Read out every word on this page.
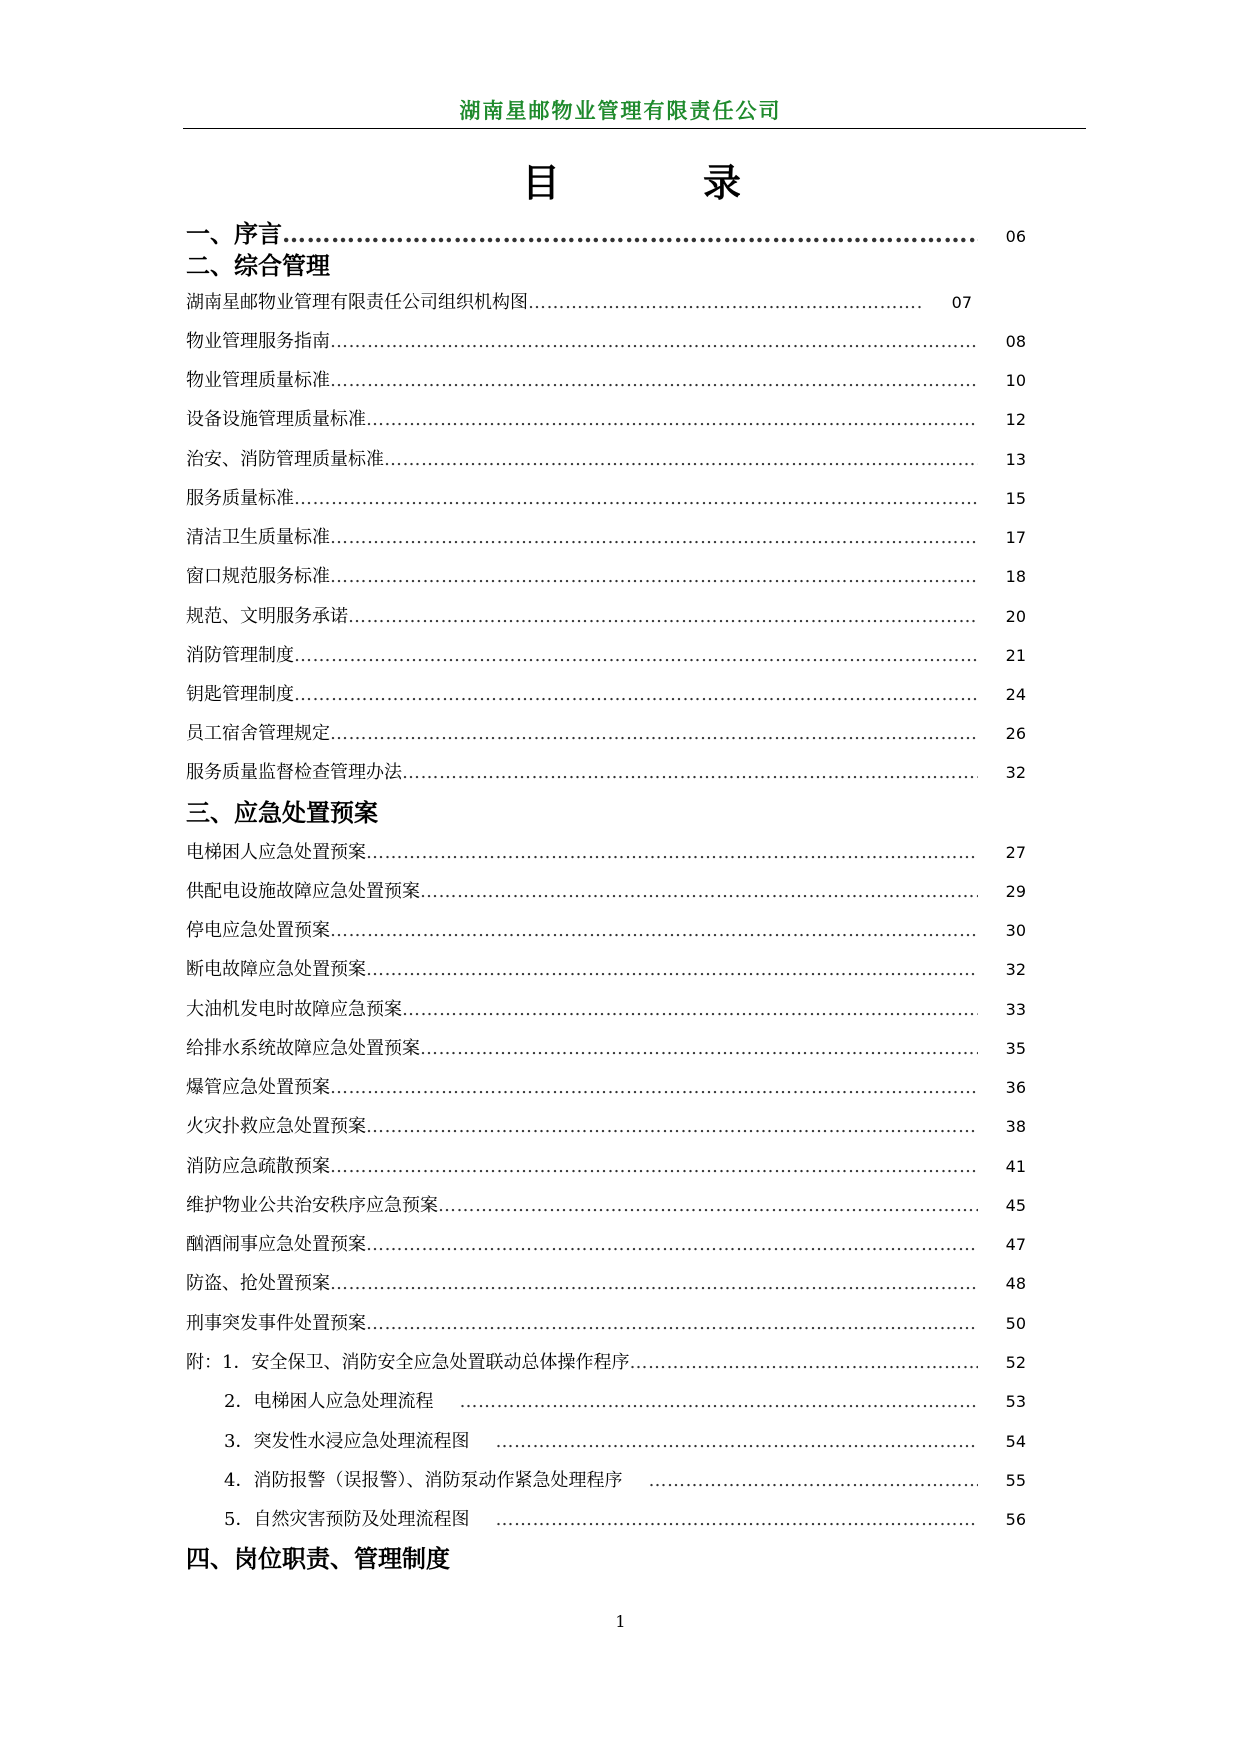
湖南星邮物业管理有限责任公司
目	录
一、序言 ………………………………………………………………………………………………………………………………………………………………………………………………………………………………	06
二、综合管理
湖南星邮物业管理有限责任公司组织机构图 ………………………………………………………………………………………………………………………………………………………………………………………………………………………………	07
物业管理服务指南 ………………………………………………………………………………………………………………………………………………………………………………………………………………………………	08
物业管理质量标准 ………………………………………………………………………………………………………………………………………………………………………………………………………………………………	10
设备设施管理质量标准 ………………………………………………………………………………………………………………………………………………………………………………………………………………………………	12
治安、消防管理质量标准 ………………………………………………………………………………………………………………………………………………………………………………………………………………………………	13
服务质量标准 ………………………………………………………………………………………………………………………………………………………………………………………………………………………………	15
清洁卫生质量标准 ………………………………………………………………………………………………………………………………………………………………………………………………………………………………	17
窗口规范服务标准 ………………………………………………………………………………………………………………………………………………………………………………………………………………………………	18
规范、文明服务承诺 ………………………………………………………………………………………………………………………………………………………………………………………………………………………………	20
消防管理制度 ………………………………………………………………………………………………………………………………………………………………………………………………………………………………	21
钥匙管理制度 ………………………………………………………………………………………………………………………………………………………………………………………………………………………………	24
员工宿舍管理规定 ………………………………………………………………………………………………………………………………………………………………………………………………………………………………	26
服务质量监督检查管理办法 ………………………………………………………………………………………………………………………………………………………………………………………………………………………………	32
三、应急处置预案
电梯困人应急处置预案 ………………………………………………………………………………………………………………………………………………………………………………………………………………………………	27
供配电设施故障应急处置预案 ………………………………………………………………………………………………………………………………………………………………………………………………………………………………	29
停电应急处置预案 ………………………………………………………………………………………………………………………………………………………………………………………………………………………………	30
断电故障应急处置预案 ………………………………………………………………………………………………………………………………………………………………………………………………………………………………	32
大油机发电时故障应急预案 ………………………………………………………………………………………………………………………………………………………………………………………………………………………………	33
给排水系统故障应急处置预案 ………………………………………………………………………………………………………………………………………………………………………………………………………………………………	35
爆管应急处置预案 ………………………………………………………………………………………………………………………………………………………………………………………………………………………………	36
火灾扑救应急处置预案 ………………………………………………………………………………………………………………………………………………………………………………………………………………………………	38
消防应急疏散预案 ………………………………………………………………………………………………………………………………………………………………………………………………………………………………	41
维护物业公共治安秩序应急预案 ………………………………………………………………………………………………………………………………………………………………………………………………………………………………	45
酗酒闹事应急处置预案 ………………………………………………………………………………………………………………………………………………………………………………………………………………………………	47
防盗、抢处置预案 ………………………………………………………………………………………………………………………………………………………………………………………………………………………………	48
刑事突发事件处置预案 ………………………………………………………………………………………………………………………………………………………………………………………………………………………………	50
附：1．安全保卫、消防安全应急处置联动总体操作程序 ………………………………………………………………………………………………………………………………………………………………………………………………………………………………	52
2．电梯困人应急处理流程 ………………………………………………………………………………………………………………………………………………………………………………………………………………………………	53
3．突发性水浸应急处理流程图 ………………………………………………………………………………………………………………………………………………………………………………………………………………………………	54
4．消防报警（误报警）、消防泵动作紧急处理程序 ………………………………………………………………………………………………………………………………………………………………………………………………………………………………	55
5．自然灾害预防及处理流程图 ………………………………………………………………………………………………………………………………………………………………………………………………………………………………	56
四、岗位职责、管理制度
1
